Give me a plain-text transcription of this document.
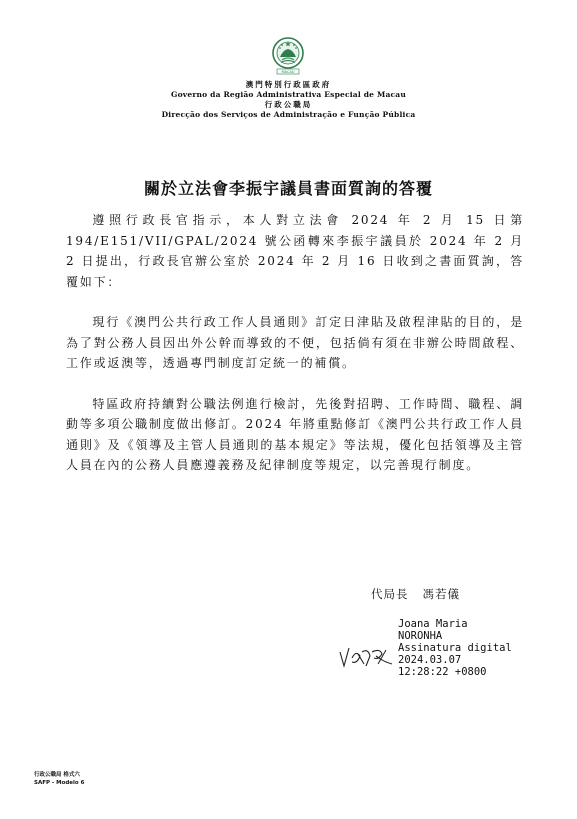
MACAU
澳門特別行政區政府
Governo da Região Administrativa Especial de Macau
行政公職局
Direcção dos Serviços de Administração e Função Pública
關於立法會李振宇議員書面質詢的答覆

遵照行政長官指示，本人對立法會 2024 年 2 月 15 日第 194/E151/VII/GPAL/2024 號公函轉來李振宇議員於 2024 年 2 月 2 日提出，行政長官辦公室於 2024 年 2 月 16 日收到之書面質詢，答覆如下：

現行《澳門公共行政工作人員通則》訂定日津貼及啟程津貼的目的，是為了對公務人員因出外公幹而導致的不便，包括倘有須在非辦公時間啟程、工作或返澳等，透過專門制度訂定統一的補償。

特區政府持續對公職法例進行檢討，先後對招聘、工作時間、職程、調動等多項公職制度做出修訂。2024 年將重點修訂《澳門公共行政工作人員通則》及《領導及主管人員通則的基本規定》等法規，優化包括領導及主管人員在內的公務人員應遵義務及紀律制度等規定，以完善現行制度。

代局長 馮若儀
Joana Maria
NORONHA
Assinatura digital
2024.03.07
12:28:22 +0800
行政公職局 格式六
SAFP - Modelo 6
